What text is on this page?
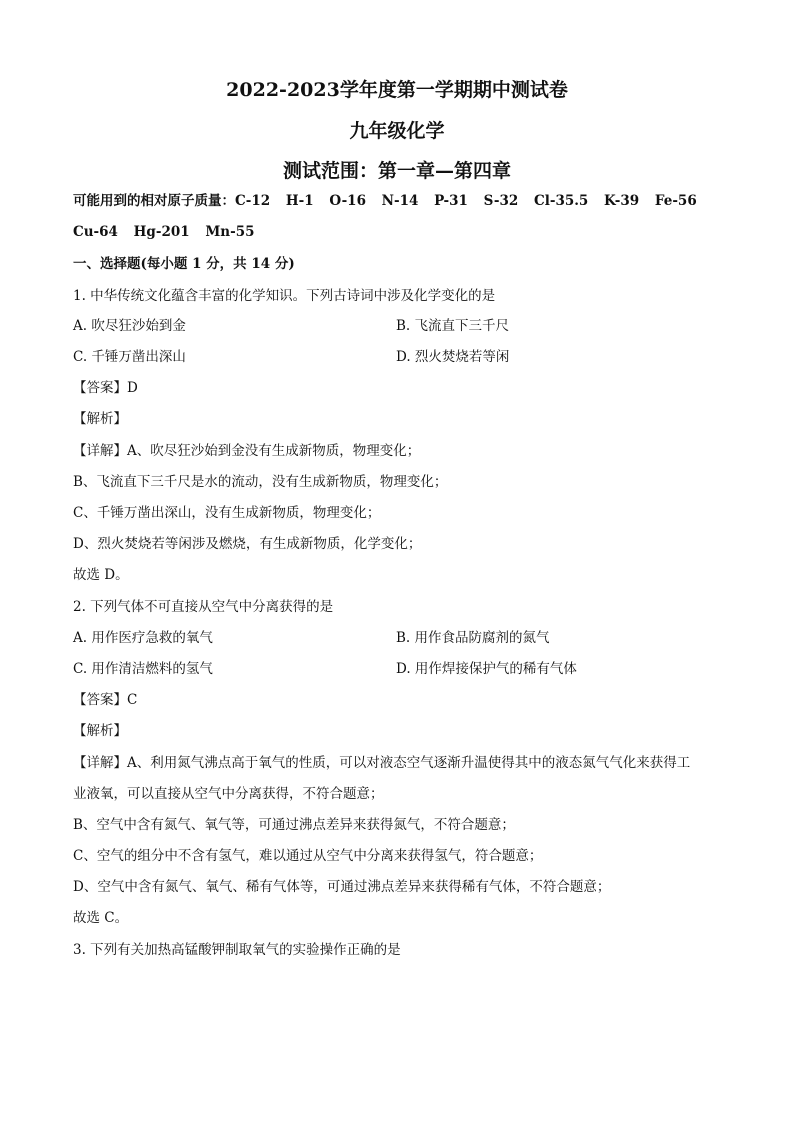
2022-2023学年度第一学期期中测试卷
九年级化学
测试范围：第一章—第四章
可能用到的相对原子质量：C-12 H-1 O-16 N-14 P-31 S-32 Cl-35.5 K-39 Fe-56 Cu-64 Hg-201 Mn-55
一、选择题(每小题 1 分，共 14 分)
1. 中华传统文化蕴含丰富的化学知识。下列古诗词中涉及化学变化的是
A. 吹尽狂沙始到金	B. 飞流直下三千尺
C. 千锤万凿出深山	D. 烈火焚烧若等闲
【答案】D
【解析】
【详解】A、吹尽狂沙始到金没有生成新物质，物理变化；
B、飞流直下三千尺是水的流动，没有生成新物质，物理变化；
C、千锤万凿出深山，没有生成新物质，物理变化；
D、烈火焚烧若等闲涉及燃烧，有生成新物质，化学变化；
故选 D。
2. 下列气体不可直接从空气中分离获得的是
A. 用作医疗急救的氧气	B. 用作食品防腐剂的氮气
C. 用作清洁燃料的氢气	D. 用作焊接保护气的稀有气体
【答案】C
【解析】
【详解】A、利用氮气沸点高于氧气的性质，可以对液态空气逐渐升温使得其中的液态氮气气化来获得工
业液氧，可以直接从空气中分离获得，不符合题意；
B、空气中含有氮气、氧气等，可通过沸点差异来获得氮气，不符合题意；
C、空气的组分中不含有氢气，难以通过从空气中分离来获得氢气，符合题意；
D、空气中含有氮气、氧气、稀有气体等，可通过沸点差异来获得稀有气体，不符合题意；
故选 C。
3. 下列有关加热高锰酸钾制取氧气的实验操作正确的是
